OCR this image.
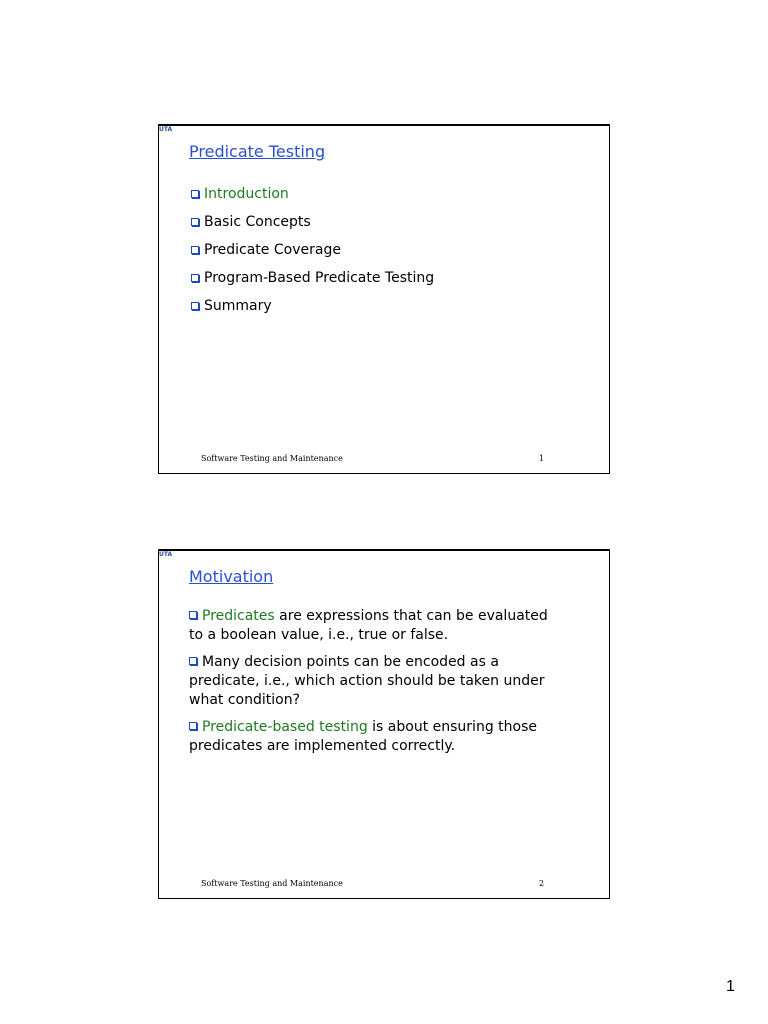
UTA
Predicate Testing
Introduction
Basic Concepts
Predicate Coverage
Program-Based Predicate Testing
Summary
Software Testing and Maintenance	1
UTA
Motivation
Predicates are expressions that can be evaluated
to a boolean value, i.e., true or false.
Many decision points can be encoded as a
predicate, i.e., which action should be taken under
what condition?
Predicate-based testing is about ensuring those
predicates are implemented correctly.
Software Testing and Maintenance	2
1
